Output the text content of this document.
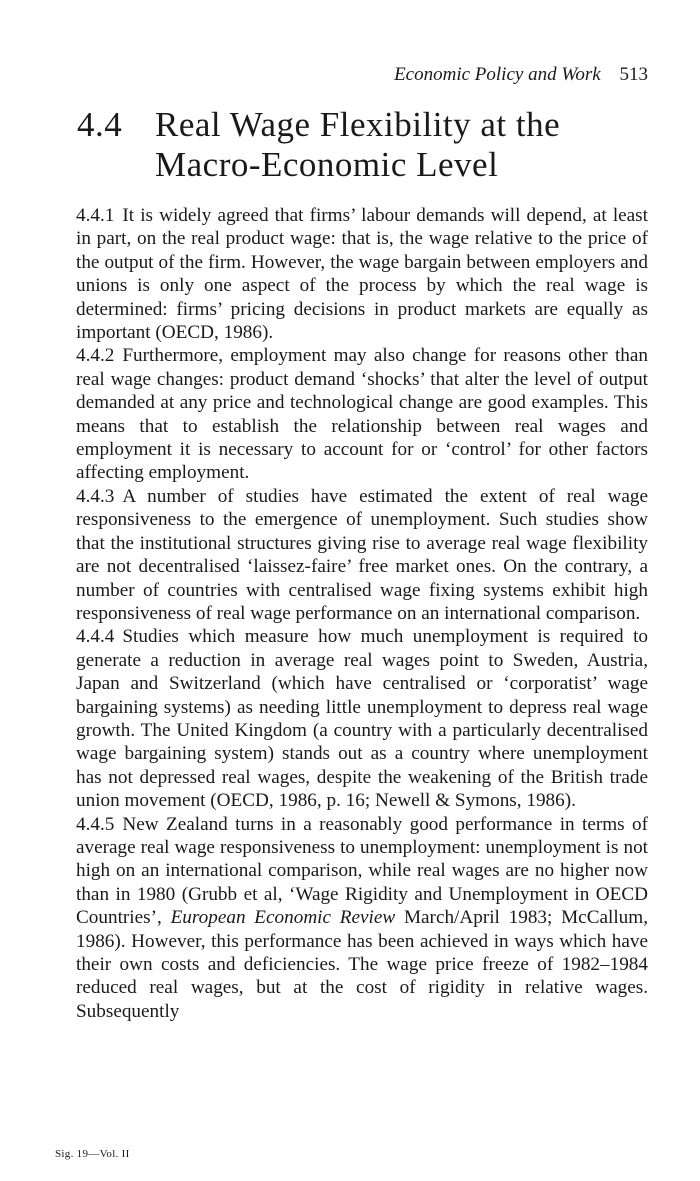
Economic Policy and Work 513
4.4 Real Wage Flexibility at the
Macro-Economic Level

4.4.1 It is widely agreed that firms’ labour demands will depend, at least in part, on the real product wage: that is, the wage relative to the price of the output of the firm. However, the wage bargain between employers and unions is only one aspect of the process by which the real wage is determined: firms’ pricing decisions in product markets are equally as important (OECD, 1986).

4.4.2 Furthermore, employment may also change for reasons other than real wage changes: product demand ‘shocks’ that alter the level of output demanded at any price and technological change are good examples. This means that to establish the relationship between real wages and employment it is necessary to account for or ‘control’ for other factors affecting employment.

4.4.3 A number of studies have estimated the extent of real wage responsiveness to the emergence of unemployment. Such studies show that the institutional structures giving rise to average real wage flexibility are not decentralised ‘laissez-faire’ free market ones. On the contrary, a number of countries with centralised wage fixing systems exhibit high responsiveness of real wage performance on an international comparison.

4.4.4 Studies which measure how much unemployment is required to generate a reduction in average real wages point to Sweden, Austria, Japan and Switzerland (which have centralised or ‘corporatist’ wage bargaining systems) as needing little unemployment to depress real wage growth. The United Kingdom (a country with a particularly decentralised wage bargaining system) stands out as a country where unemployment has not depressed real wages, despite the weakening of the British trade union movement (OECD, 1986, p. 16; Newell & Symons, 1986).

4.4.5 New Zealand turns in a reasonably good performance in terms of average real wage responsiveness to unemployment: unemployment is not high on an international comparison, while real wages are no higher now than in 1980 (Grubb et al, ‘Wage Rigidity and Unemployment in OECD Countries’, European Economic Review March/April 1983; McCallum, 1986). However, this performance has been achieved in ways which have their own costs and deficiencies. The wage price freeze of 1982–1984 reduced real wages, but at the cost of rigidity in relative wages. Subsequently

Sig. 19—Vol. II
